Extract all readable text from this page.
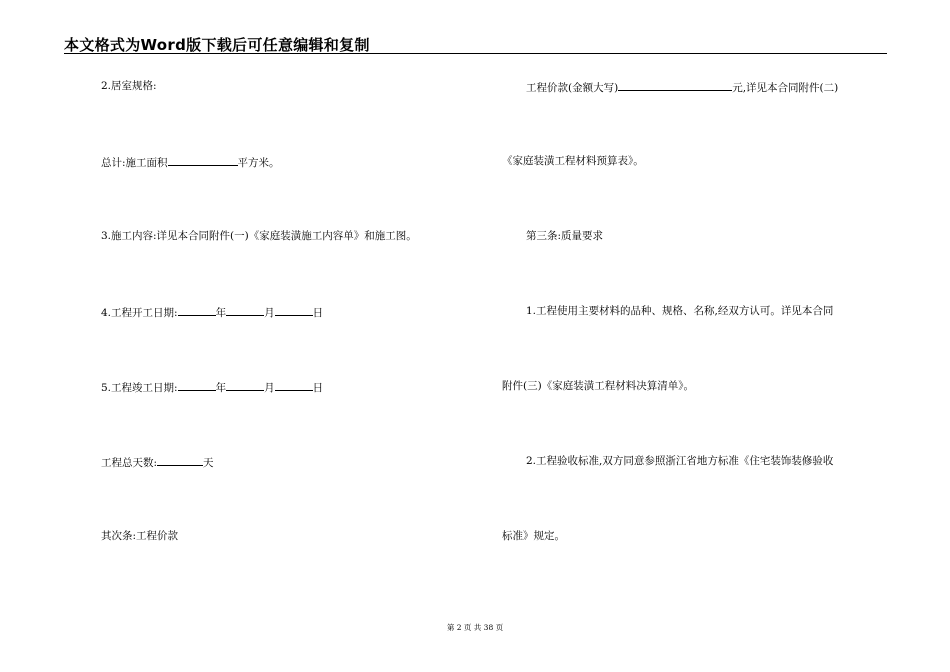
本文格式为Word版下载后可任意编辑和复制
2.居室规格:
总计:施工面积	平方米。
3.施工内容:详见本合同附件(一)《家庭装潢施工内容单》和施工图。
4.工程开工日期:	年	月	日
5.工程竣工日期:	年	月	日
工程总天数:	天
其次条:工程价款
工程价款(金额大写)	元,详见本合同附件(二)
《家庭装潢工程材料预算表》。
第三条:质量要求
1.工程使用主要材料的品种、规格、名称,经双方认可。详见本合同
附件(三)《家庭装潢工程材料决算清单》。
2.工程验收标准,双方同意参照浙江省地方标准《住宅装饰装修验收
标准》规定。
第 2 页 共 38 页
